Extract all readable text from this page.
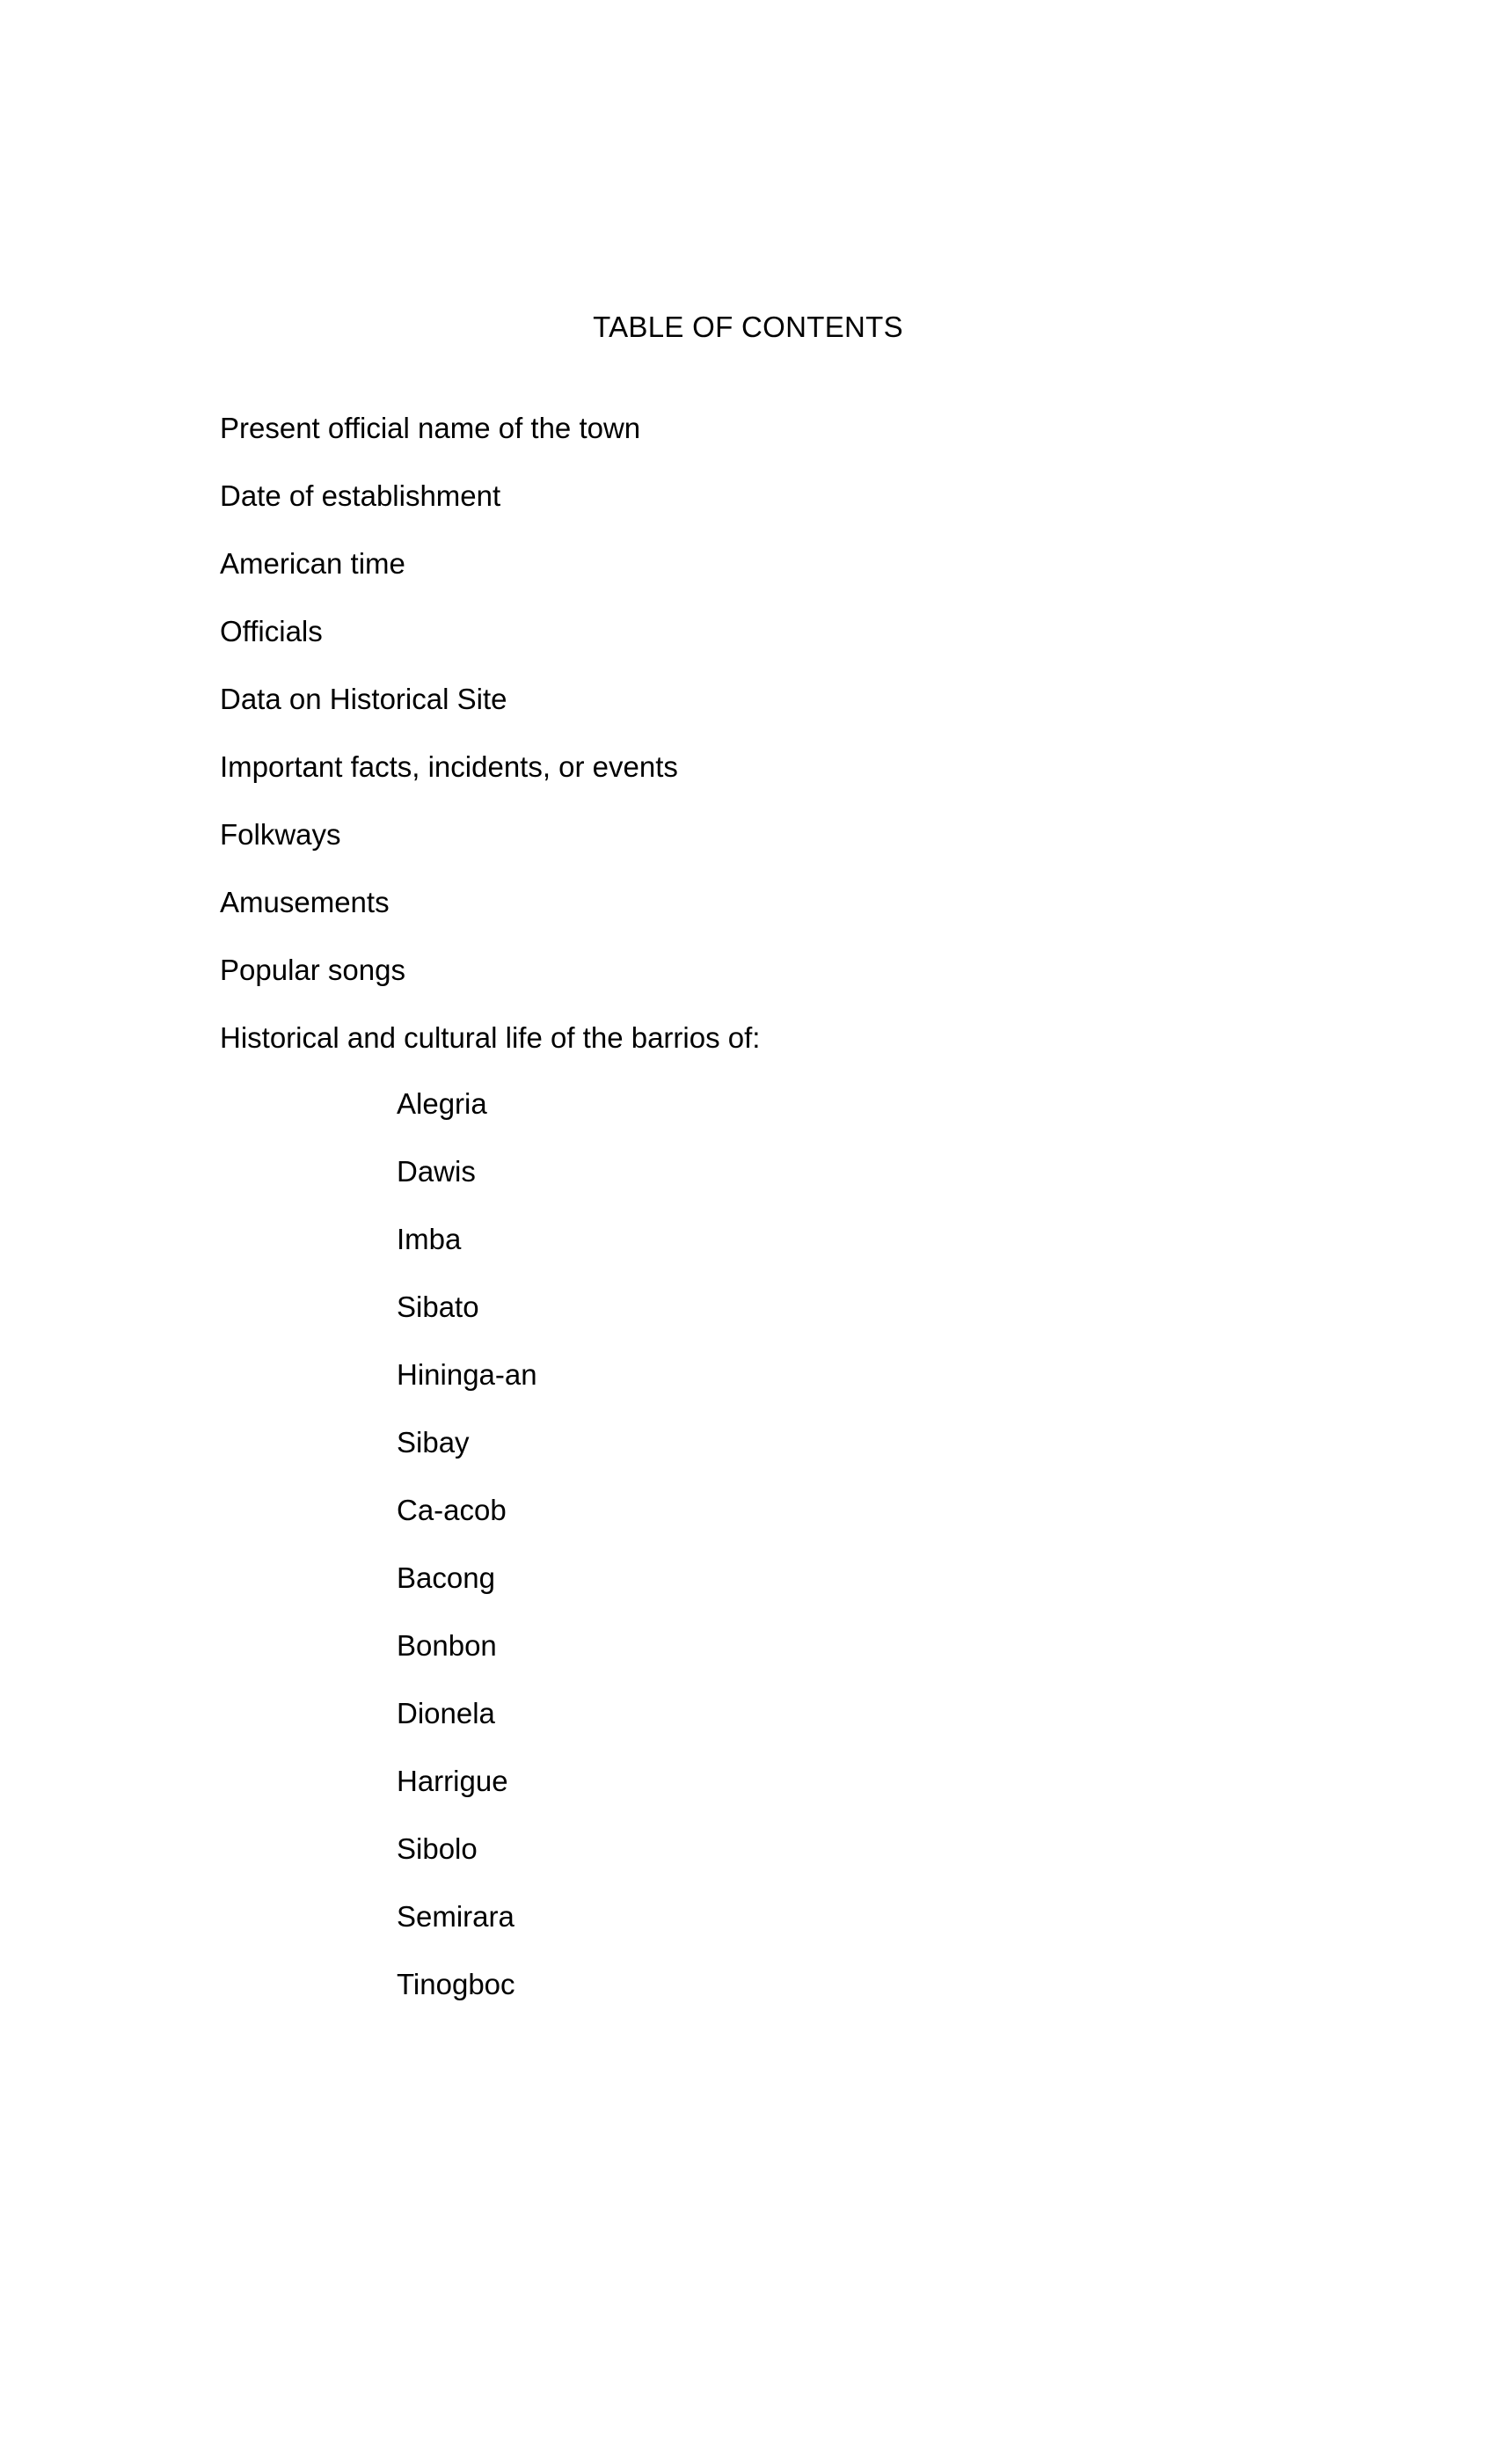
TABLE OF CONTENTS
Present official name of the town
Date of establishment
American time
Officials
Data on Historical Site
Important facts, incidents, or events
Folkways
Amusements
Popular songs
Historical and cultural life of the barrios of:
Alegria
Dawis
Imba
Sibato
Hininga-an
Sibay
Ca-acob
Bacong
Bonbon
Dionela
Harrigue
Sibolo
Semirara
Tinogboc
